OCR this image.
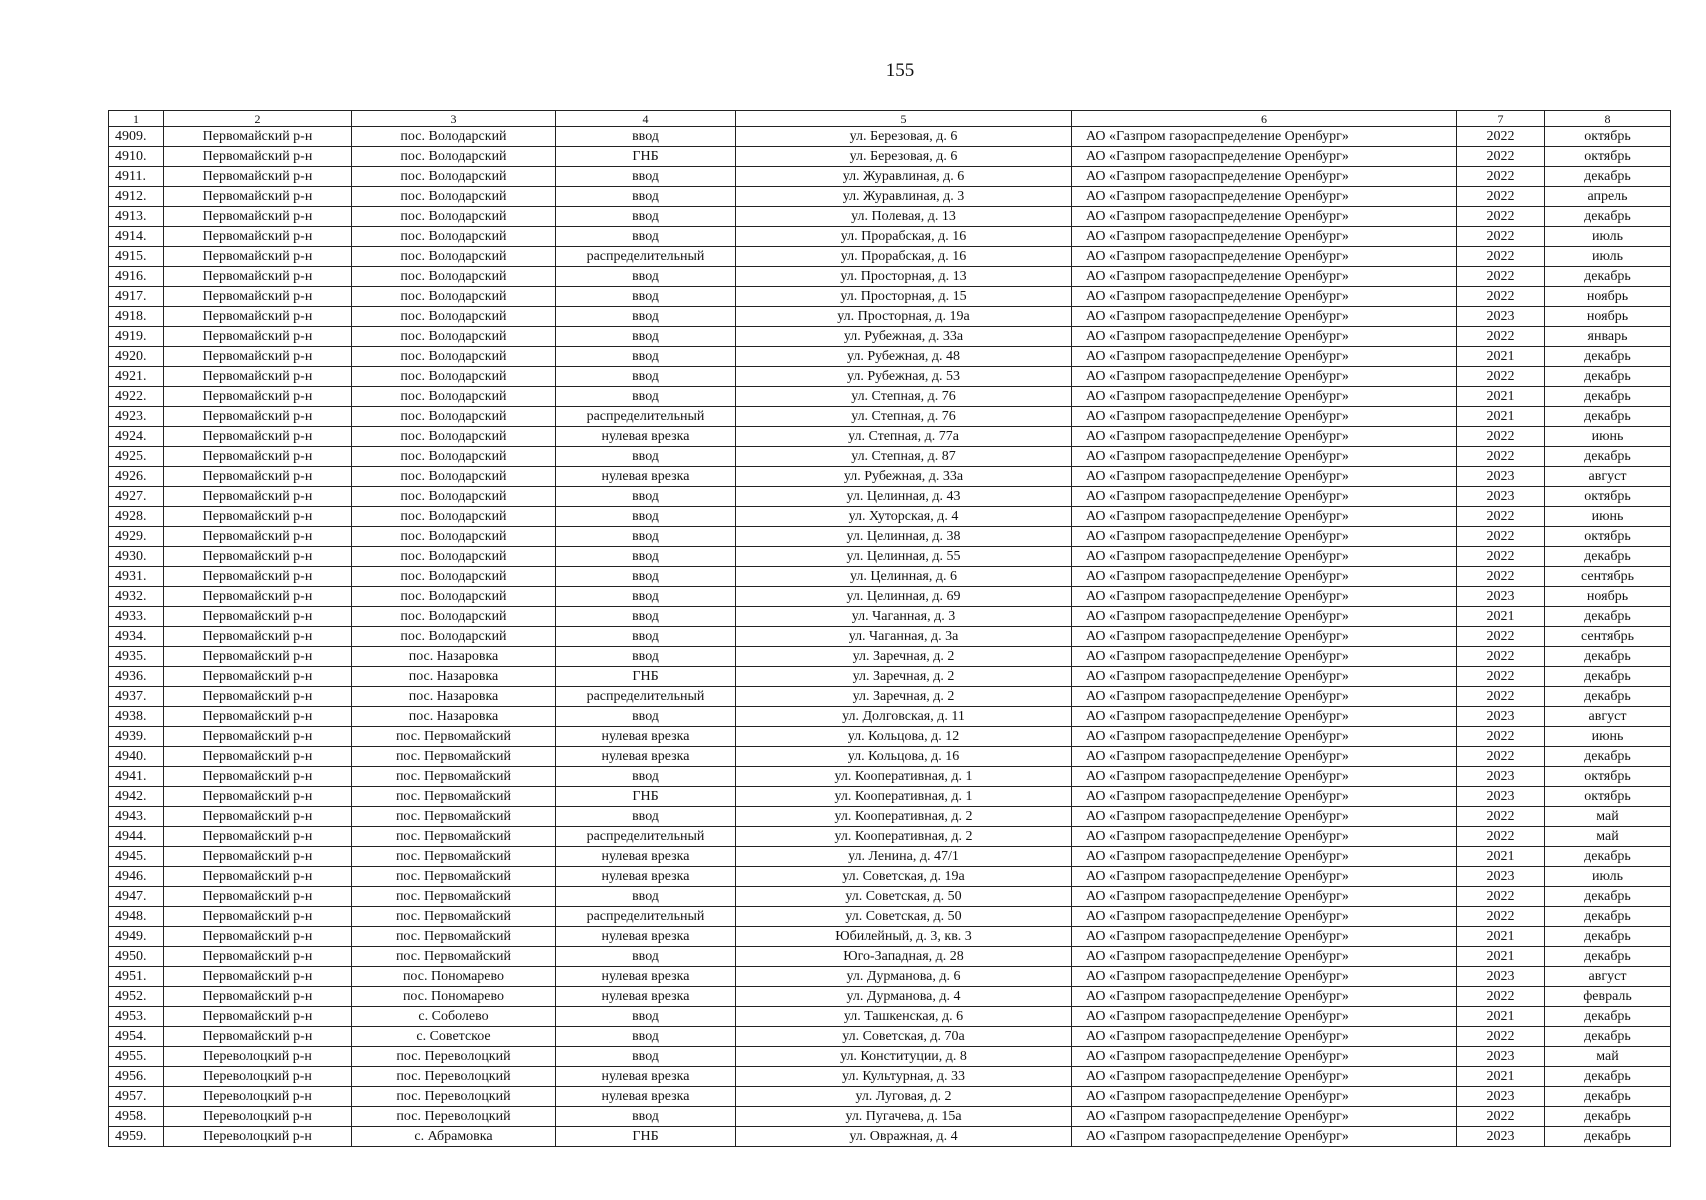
155
1	2	3	4	5	6	7	8
4909.	Первомайский р-н	пос. Володарский	ввод	ул. Березовая, д. 6	АО «Газпром газораспределение Оренбург»	2022	октябрь
4910.	Первомайский р-н	пос. Володарский	ГНБ	ул. Березовая, д. 6	АО «Газпром газораспределение Оренбург»	2022	октябрь
4911.	Первомайский р-н	пос. Володарский	ввод	ул. Журавлиная, д. 6	АО «Газпром газораспределение Оренбург»	2022	декабрь
4912.	Первомайский р-н	пос. Володарский	ввод	ул. Журавлиная, д. 3	АО «Газпром газораспределение Оренбург»	2022	апрель
4913.	Первомайский р-н	пос. Володарский	ввод	ул. Полевая, д. 13	АО «Газпром газораспределение Оренбург»	2022	декабрь
4914.	Первомайский р-н	пос. Володарский	ввод	ул. Прорабская, д. 16	АО «Газпром газораспределение Оренбург»	2022	июль
4915.	Первомайский р-н	пос. Володарский	распределительный	ул. Прорабская, д. 16	АО «Газпром газораспределение Оренбург»	2022	июль
4916.	Первомайский р-н	пос. Володарский	ввод	ул. Просторная, д. 13	АО «Газпром газораспределение Оренбург»	2022	декабрь
4917.	Первомайский р-н	пос. Володарский	ввод	ул. Просторная, д. 15	АО «Газпром газораспределение Оренбург»	2022	ноябрь
4918.	Первомайский р-н	пос. Володарский	ввод	ул. Просторная, д. 19а	АО «Газпром газораспределение Оренбург»	2023	ноябрь
4919.	Первомайский р-н	пос. Володарский	ввод	ул. Рубежная, д. 33а	АО «Газпром газораспределение Оренбург»	2022	январь
4920.	Первомайский р-н	пос. Володарский	ввод	ул. Рубежная, д. 48	АО «Газпром газораспределение Оренбург»	2021	декабрь
4921.	Первомайский р-н	пос. Володарский	ввод	ул. Рубежная, д. 53	АО «Газпром газораспределение Оренбург»	2022	декабрь
4922.	Первомайский р-н	пос. Володарский	ввод	ул. Степная, д. 76	АО «Газпром газораспределение Оренбург»	2021	декабрь
4923.	Первомайский р-н	пос. Володарский	распределительный	ул. Степная, д. 76	АО «Газпром газораспределение Оренбург»	2021	декабрь
4924.	Первомайский р-н	пос. Володарский	нулевая врезка	ул. Степная, д. 77а	АО «Газпром газораспределение Оренбург»	2022	июнь
4925.	Первомайский р-н	пос. Володарский	ввод	ул. Степная, д. 87	АО «Газпром газораспределение Оренбург»	2022	декабрь
4926.	Первомайский р-н	пос. Володарский	нулевая врезка	ул. Рубежная, д. 33а	АО «Газпром газораспределение Оренбург»	2023	август
4927.	Первомайский р-н	пос. Володарский	ввод	ул. Целинная, д. 43	АО «Газпром газораспределение Оренбург»	2023	октябрь
4928.	Первомайский р-н	пос. Володарский	ввод	ул. Хуторская, д. 4	АО «Газпром газораспределение Оренбург»	2022	июнь
4929.	Первомайский р-н	пос. Володарский	ввод	ул. Целинная, д. 38	АО «Газпром газораспределение Оренбург»	2022	октябрь
4930.	Первомайский р-н	пос. Володарский	ввод	ул. Целинная, д. 55	АО «Газпром газораспределение Оренбург»	2022	декабрь
4931.	Первомайский р-н	пос. Володарский	ввод	ул. Целинная, д. 6	АО «Газпром газораспределение Оренбург»	2022	сентябрь
4932.	Первомайский р-н	пос. Володарский	ввод	ул. Целинная, д. 69	АО «Газпром газораспределение Оренбург»	2023	ноябрь
4933.	Первомайский р-н	пос. Володарский	ввод	ул. Чаганная, д. 3	АО «Газпром газораспределение Оренбург»	2021	декабрь
4934.	Первомайский р-н	пос. Володарский	ввод	ул. Чаганная, д. 3а	АО «Газпром газораспределение Оренбург»	2022	сентябрь
4935.	Первомайский р-н	пос. Назаровка	ввод	ул. Заречная, д. 2	АО «Газпром газораспределение Оренбург»	2022	декабрь
4936.	Первомайский р-н	пос. Назаровка	ГНБ	ул. Заречная, д. 2	АО «Газпром газораспределение Оренбург»	2022	декабрь
4937.	Первомайский р-н	пос. Назаровка	распределительный	ул. Заречная, д. 2	АО «Газпром газораспределение Оренбург»	2022	декабрь
4938.	Первомайский р-н	пос. Назаровка	ввод	ул. Долговская, д. 11	АО «Газпром газораспределение Оренбург»	2023	август
4939.	Первомайский р-н	пос. Первомайский	нулевая врезка	ул. Кольцова, д. 12	АО «Газпром газораспределение Оренбург»	2022	июнь
4940.	Первомайский р-н	пос. Первомайский	нулевая врезка	ул. Кольцова, д. 16	АО «Газпром газораспределение Оренбург»	2022	декабрь
4941.	Первомайский р-н	пос. Первомайский	ввод	ул. Кооперативная, д. 1	АО «Газпром газораспределение Оренбург»	2023	октябрь
4942.	Первомайский р-н	пос. Первомайский	ГНБ	ул. Кооперативная, д. 1	АО «Газпром газораспределение Оренбург»	2023	октябрь
4943.	Первомайский р-н	пос. Первомайский	ввод	ул. Кооперативная, д. 2	АО «Газпром газораспределение Оренбург»	2022	май
4944.	Первомайский р-н	пос. Первомайский	распределительный	ул. Кооперативная, д. 2	АО «Газпром газораспределение Оренбург»	2022	май
4945.	Первомайский р-н	пос. Первомайский	нулевая врезка	ул. Ленина, д. 47/1	АО «Газпром газораспределение Оренбург»	2021	декабрь
4946.	Первомайский р-н	пос. Первомайский	нулевая врезка	ул. Советская, д. 19а	АО «Газпром газораспределение Оренбург»	2023	июль
4947.	Первомайский р-н	пос. Первомайский	ввод	ул. Советская, д. 50	АО «Газпром газораспределение Оренбург»	2022	декабрь
4948.	Первомайский р-н	пос. Первомайский	распределительный	ул. Советская, д. 50	АО «Газпром газораспределение Оренбург»	2022	декабрь
4949.	Первомайский р-н	пос. Первомайский	нулевая врезка	Юбилейный, д. 3, кв. 3	АО «Газпром газораспределение Оренбург»	2021	декабрь
4950.	Первомайский р-н	пос. Первомайский	ввод	Юго-Западная, д. 28	АО «Газпром газораспределение Оренбург»	2021	декабрь
4951.	Первомайский р-н	пос. Пономарево	нулевая врезка	ул. Дурманова, д. 6	АО «Газпром газораспределение Оренбург»	2023	август
4952.	Первомайский р-н	пос. Пономарево	нулевая врезка	ул. Дурманова, д. 4	АО «Газпром газораспределение Оренбург»	2022	февраль
4953.	Первомайский р-н	с. Соболево	ввод	ул. Ташкенская, д. 6	АО «Газпром газораспределение Оренбург»	2021	декабрь
4954.	Первомайский р-н	с. Советское	ввод	ул. Советская, д. 70а	АО «Газпром газораспределение Оренбург»	2022	декабрь
4955.	Переволоцкий р-н	пос. Переволоцкий	ввод	ул. Конституции, д. 8	АО «Газпром газораспределение Оренбург»	2023	май
4956.	Переволоцкий р-н	пос. Переволоцкий	нулевая врезка	ул. Культурная, д. 33	АО «Газпром газораспределение Оренбург»	2021	декабрь
4957.	Переволоцкий р-н	пос. Переволоцкий	нулевая врезка	ул. Луговая, д. 2	АО «Газпром газораспределение Оренбург»	2023	декабрь
4958.	Переволоцкий р-н	пос. Переволоцкий	ввод	ул. Пугачева, д. 15а	АО «Газпром газораспределение Оренбург»	2022	декабрь
4959.	Переволоцкий р-н	с. Абрамовка	ГНБ	ул. Овражная, д. 4	АО «Газпром газораспределение Оренбург»	2023	декабрь
